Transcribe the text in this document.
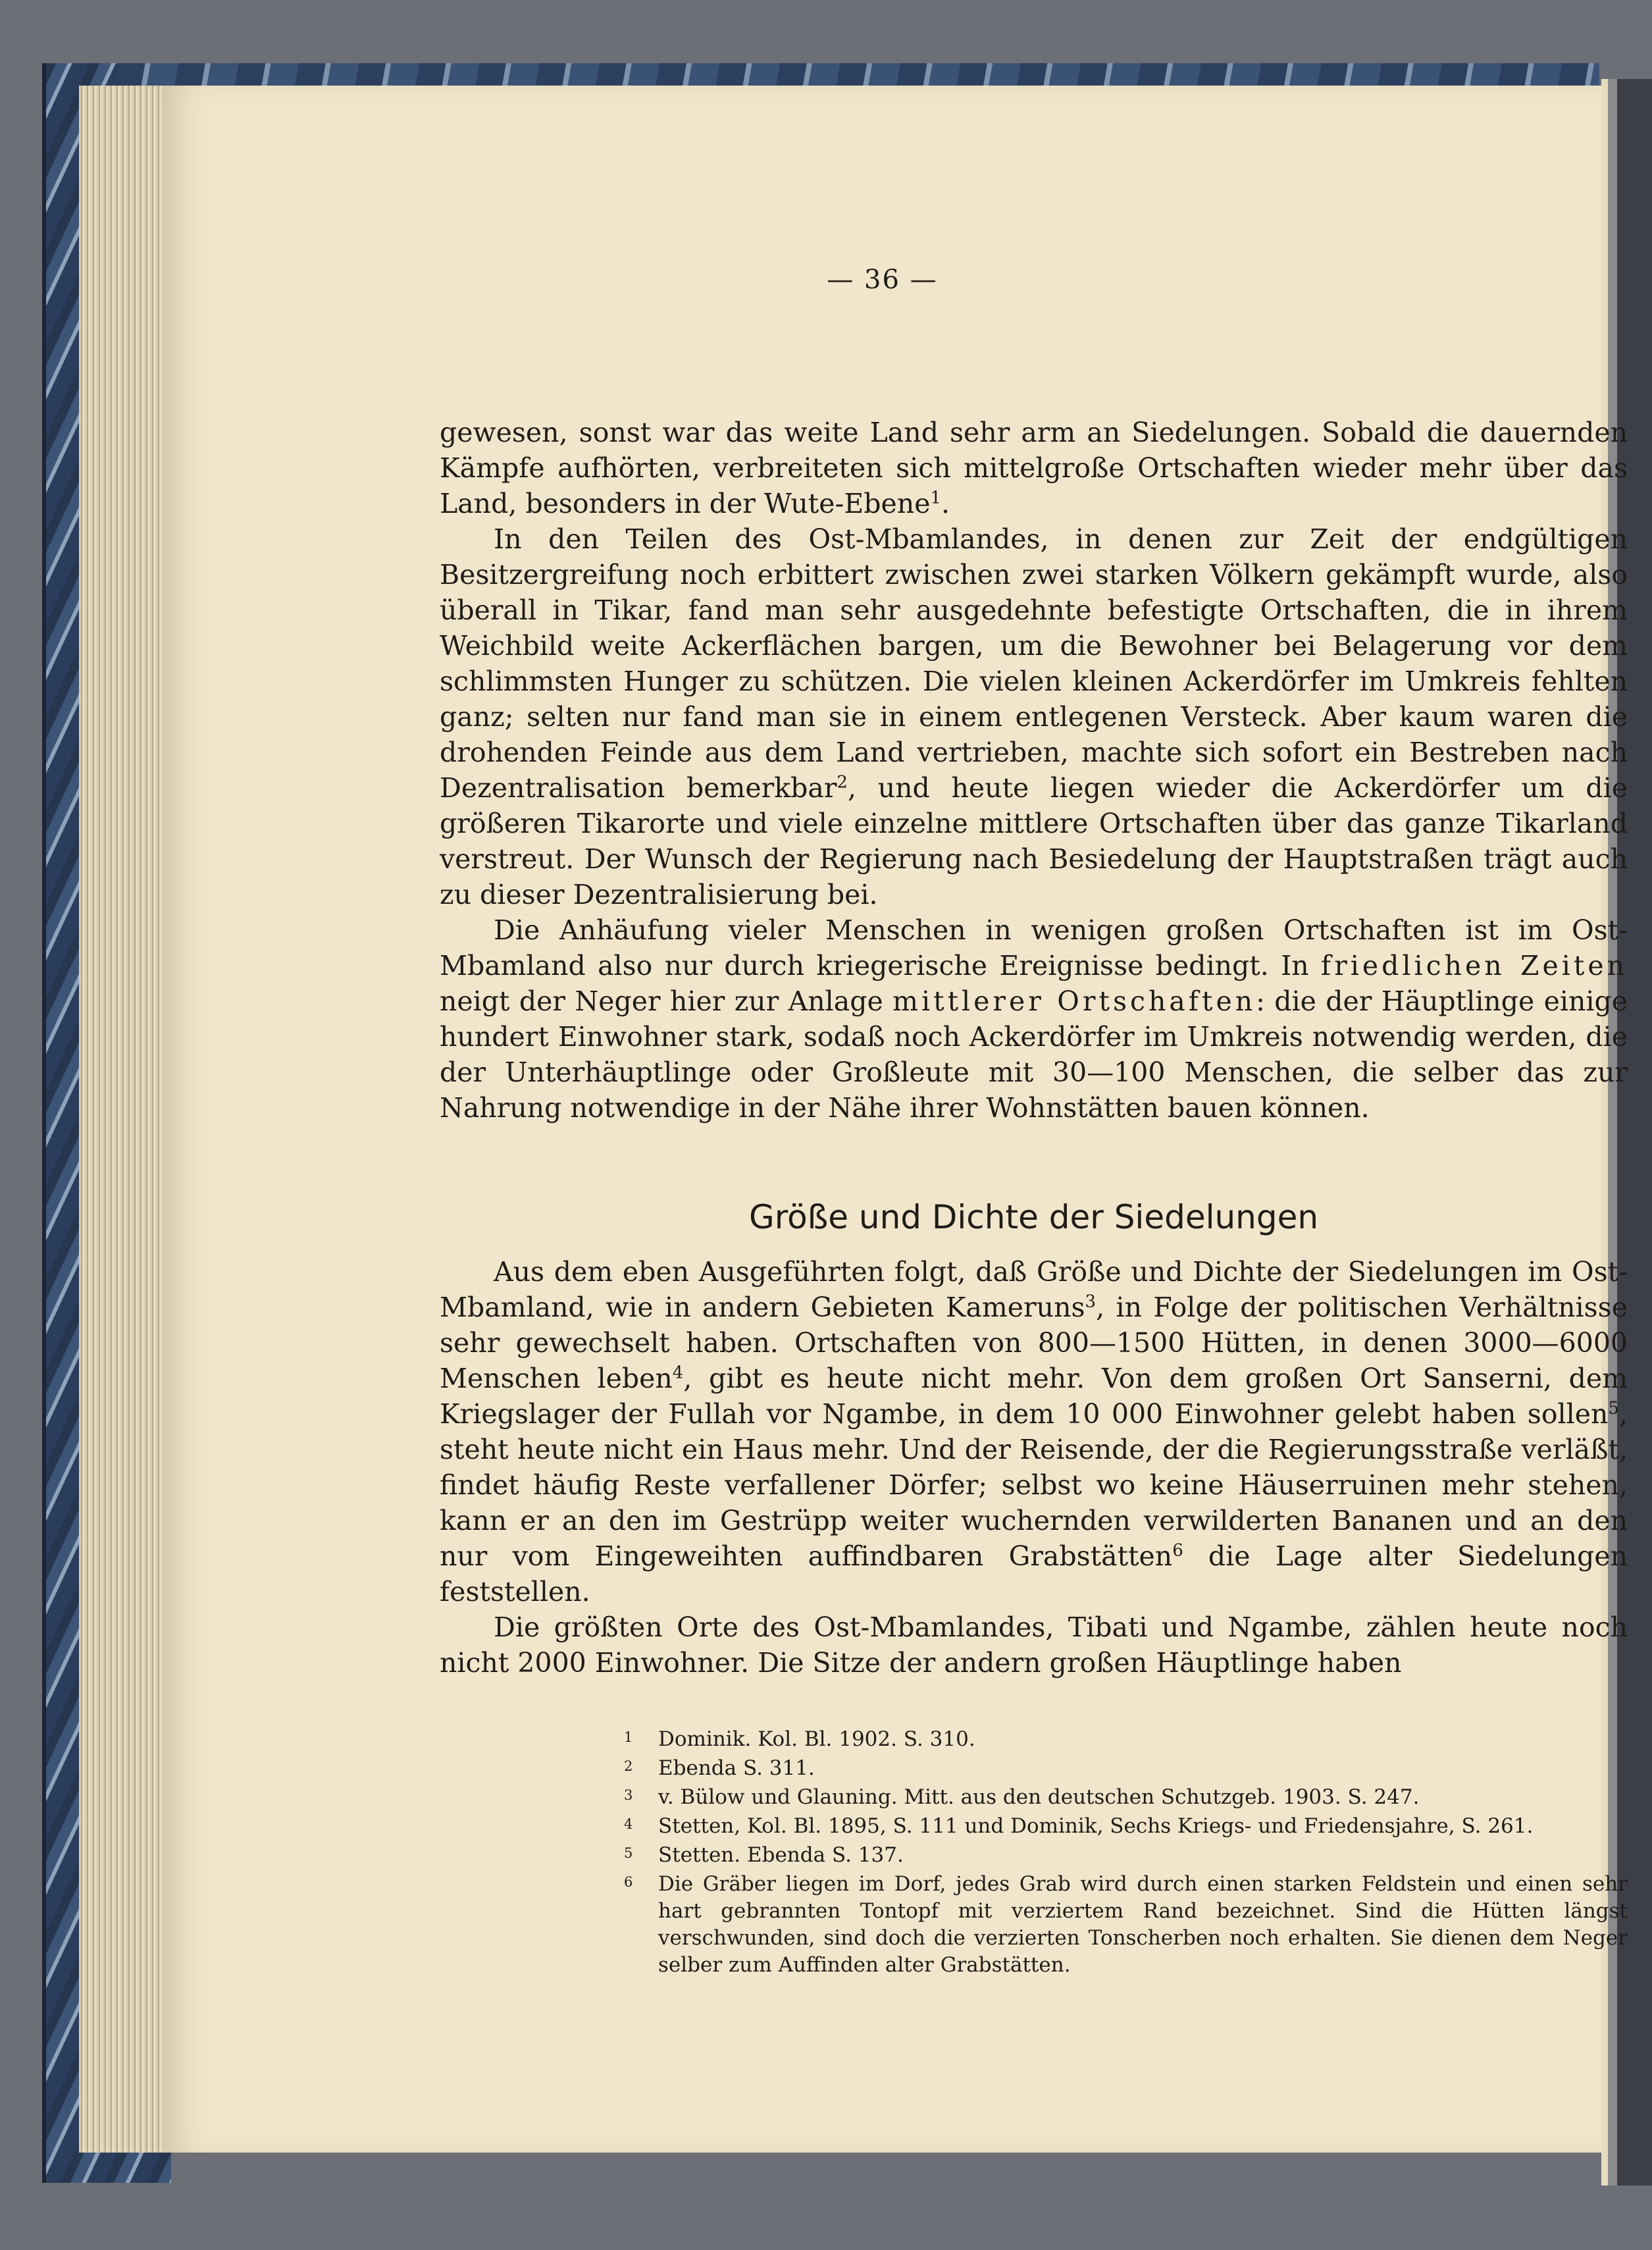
— 36 —

gewesen, sonst war das weite Land sehr arm an Siedelungen. Sobald die dauernden Kämpfe aufhörten, verbreiteten sich mittelgroße Ortschaften wieder mehr über das Land, besonders in der Wute-Ebene$^1$.

In den Teilen des Ost-Mbamlandes, in denen zur Zeit der endgültigen Besitzergreifung noch erbittert zwischen zwei starken Völkern gekämpft wurde, also überall in Tikar, fand man sehr ausgedehnte befestigte Ortschaften, die in ihrem Weichbild weite Ackerflächen bargen, um die Bewohner bei Belagerung vor dem schlimmsten Hunger zu schützen. Die vielen kleinen Ackerdörfer im Umkreis fehlten ganz; selten nur fand man sie in einem entlegenen Versteck. Aber kaum waren die drohenden Feinde aus dem Land vertrieben, machte sich sofort ein Bestreben nach Dezentralisation bemerkbar$^2$, und heute liegen wieder die Ackerdörfer um die größeren Tikarorte und viele einzelne mittlere Ortschaften über das ganze Tikarland verstreut. Der Wunsch der Regierung nach Besiedelung der Hauptstraßen trägt auch zu dieser Dezentralisierung bei.

Die Anhäufung vieler Menschen in wenigen großen Ortschaften ist im Ost-Mbamland also nur durch kriegerische Ereignisse bedingt. In friedlichen Zeiten neigt der Neger hier zur Anlage mittlerer Ortschaften: die der Häuptlinge einige hundert Einwohner stark, sodaß noch Ackerdörfer im Umkreis notwendig werden, die der Unterhäuptlinge oder Großleute mit 30—100 Menschen, die selber das zur Nahrung notwendige in der Nähe ihrer Wohnstätten bauen können.

Größe und Dichte der Siedelungen

Aus dem eben Ausgeführten folgt, daß Größe und Dichte der Siedelungen im Ost-Mbamland, wie in andern Gebieten Kameruns$^3$, in Folge der politischen Verhältnisse sehr gewechselt haben. Ortschaften von 800—1500 Hütten, in denen 3000—6000 Menschen leben$^4$, gibt es heute nicht mehr. Von dem großen Ort Sanserni, dem Kriegslager der Fullah vor Ngambe, in dem 10 000 Einwohner gelebt haben sollen$^5$, steht heute nicht ein Haus mehr. Und der Reisende, der die Regierungsstraße verläßt, findet häufig Reste verfallener Dörfer; selbst wo keine Häuserruinen mehr stehen, kann er an den im Gestrüpp weiter wuchernden verwilderten Bananen und an den nur vom Eingeweihten auffindbaren Grabstätten$^6$ die Lage alter Siedelungen feststellen.

Die größten Orte des Ost-Mbamlandes, Tibati und Ngambe, zählen heute noch nicht 2000 Einwohner. Die Sitze der andern großen Häuptlinge haben

1	Dominik. Kol. Bl. 1902. S. 310.
2	Ebenda S. 311.
3	v. Bülow und Glauning. Mitt. aus den deutschen Schutzgeb. 1903. S. 247.
4	Stetten, Kol. Bl. 1895, S. 111 und Dominik, Sechs Kriegs- und Friedensjahre, S. 261.
5	Stetten. Ebenda S. 137.
6	Die Gräber liegen im Dorf, jedes Grab wird durch einen starken Feldstein und einen sehr hart gebrannten Tontopf mit verziertem Rand bezeichnet. Sind die Hütten längst verschwunden, sind doch die verzierten Tonscherben noch erhalten. Sie dienen dem Neger selber zum Auffinden alter Grabstätten.
